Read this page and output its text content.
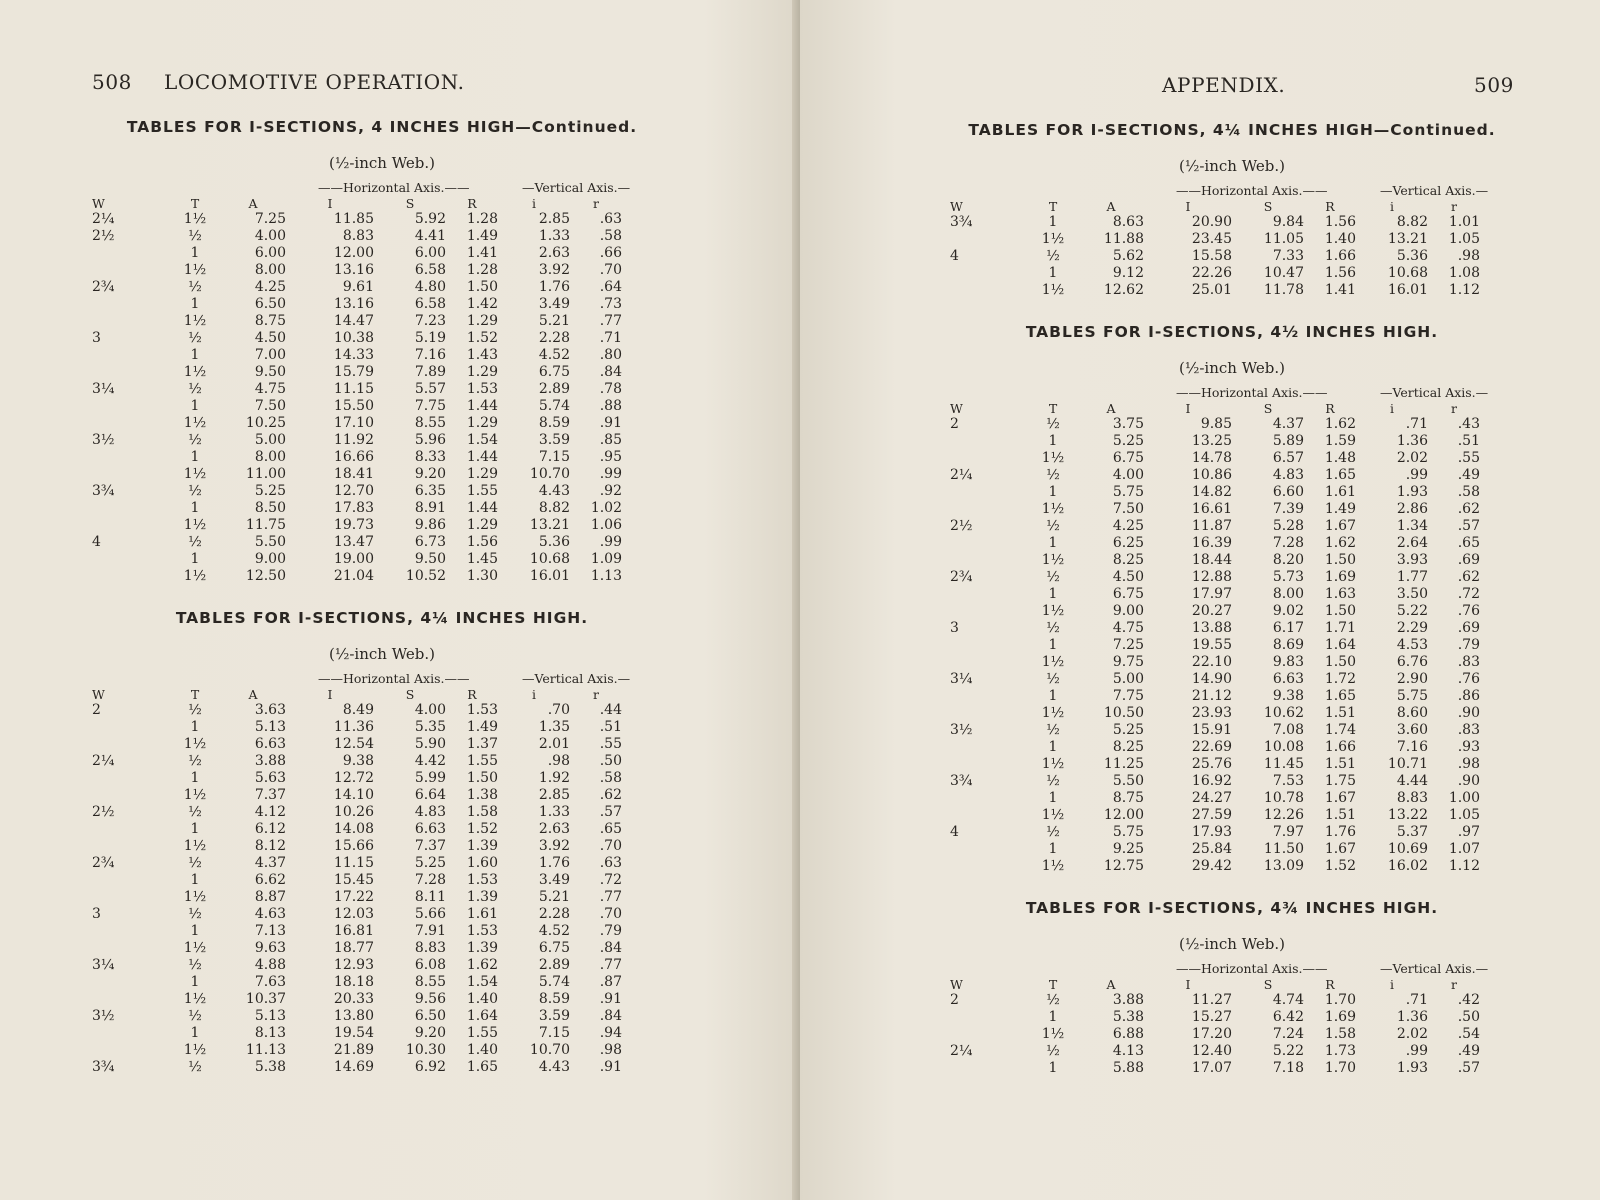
508 LOCOMOTIVE OPERATION.
TABLES FOR I-SECTIONS, 4 INCHES HIGH—Continued.
(½-inch Web.)
——Horizontal Axis.——	—Vertical Axis.—
W	T	A	I	S	R	i	r
2¼	1½	7.25	11.85	5.92	1.28	2.85	.63
2½	½	4.00	8.83	4.41	1.49	1.33	.58
	1	6.00	12.00	6.00	1.41	2.63	.66
	1½	8.00	13.16	6.58	1.28	3.92	.70
2¾	½	4.25	9.61	4.80	1.50	1.76	.64
	1	6.50	13.16	6.58	1.42	3.49	.73
	1½	8.75	14.47	7.23	1.29	5.21	.77
3	½	4.50	10.38	5.19	1.52	2.28	.71
	1	7.00	14.33	7.16	1.43	4.52	.80
	1½	9.50	15.79	7.89	1.29	6.75	.84
3¼	½	4.75	11.15	5.57	1.53	2.89	.78
	1	7.50	15.50	7.75	1.44	5.74	.88
	1½	10.25	17.10	8.55	1.29	8.59	.91
3½	½	5.00	11.92	5.96	1.54	3.59	.85
	1	8.00	16.66	8.33	1.44	7.15	.95
	1½	11.00	18.41	9.20	1.29	10.70	.99
3¾	½	5.25	12.70	6.35	1.55	4.43	.92
	1	8.50	17.83	8.91	1.44	8.82	1.02
	1½	11.75	19.73	9.86	1.29	13.21	1.06
4	½	5.50	13.47	6.73	1.56	5.36	.99
	1	9.00	19.00	9.50	1.45	10.68	1.09
	1½	12.50	21.04	10.52	1.30	16.01	1.13
TABLES FOR I-SECTIONS, 4¼ INCHES HIGH.
(½-inch Web.)
——Horizontal Axis.——	—Vertical Axis.—
W	T	A	I	S	R	i	r
2	½	3.63	8.49	4.00	1.53	.70	.44
	1	5.13	11.36	5.35	1.49	1.35	.51
	1½	6.63	12.54	5.90	1.37	2.01	.55
2¼	½	3.88	9.38	4.42	1.55	.98	.50
	1	5.63	12.72	5.99	1.50	1.92	.58
	1½	7.37	14.10	6.64	1.38	2.85	.62
2½	½	4.12	10.26	4.83	1.58	1.33	.57
	1	6.12	14.08	6.63	1.52	2.63	.65
	1½	8.12	15.66	7.37	1.39	3.92	.70
2¾	½	4.37	11.15	5.25	1.60	1.76	.63
	1	6.62	15.45	7.28	1.53	3.49	.72
	1½	8.87	17.22	8.11	1.39	5.21	.77
3	½	4.63	12.03	5.66	1.61	2.28	.70
	1	7.13	16.81	7.91	1.53	4.52	.79
	1½	9.63	18.77	8.83	1.39	6.75	.84
3¼	½	4.88	12.93	6.08	1.62	2.89	.77
	1	7.63	18.18	8.55	1.54	5.74	.87
	1½	10.37	20.33	9.56	1.40	8.59	.91
3½	½	5.13	13.80	6.50	1.64	3.59	.84
	1	8.13	19.54	9.20	1.55	7.15	.94
	1½	11.13	21.89	10.30	1.40	10.70	.98
3¾	½	5.38	14.69	6.92	1.65	4.43	.91
APPENDIX.	509
TABLES FOR I-SECTIONS, 4¼ INCHES HIGH—Continued.
(½-inch Web.)
——Horizontal Axis.——	—Vertical Axis.—
W	T	A	I	S	R	i	r
3¾	1	8.63	20.90	9.84	1.56	8.82	1.01
	1½	11.88	23.45	11.05	1.40	13.21	1.05
4	½	5.62	15.58	7.33	1.66	5.36	.98
	1	9.12	22.26	10.47	1.56	10.68	1.08
	1½	12.62	25.01	11.78	1.41	16.01	1.12
TABLES FOR I-SECTIONS, 4½ INCHES HIGH.
(½-inch Web.)
——Horizontal Axis.——	—Vertical Axis.—
W	T	A	I	S	R	i	r
2	½	3.75	9.85	4.37	1.62	.71	.43
	1	5.25	13.25	5.89	1.59	1.36	.51
	1½	6.75	14.78	6.57	1.48	2.02	.55
2¼	½	4.00	10.86	4.83	1.65	.99	.49
	1	5.75	14.82	6.60	1.61	1.93	.58
	1½	7.50	16.61	7.39	1.49	2.86	.62
2½	½	4.25	11.87	5.28	1.67	1.34	.57
	1	6.25	16.39	7.28	1.62	2.64	.65
	1½	8.25	18.44	8.20	1.50	3.93	.69
2¾	½	4.50	12.88	5.73	1.69	1.77	.62
	1	6.75	17.97	8.00	1.63	3.50	.72
	1½	9.00	20.27	9.02	1.50	5.22	.76
3	½	4.75	13.88	6.17	1.71	2.29	.69
	1	7.25	19.55	8.69	1.64	4.53	.79
	1½	9.75	22.10	9.83	1.50	6.76	.83
3¼	½	5.00	14.90	6.63	1.72	2.90	.76
	1	7.75	21.12	9.38	1.65	5.75	.86
	1½	10.50	23.93	10.62	1.51	8.60	.90
3½	½	5.25	15.91	7.08	1.74	3.60	.83
	1	8.25	22.69	10.08	1.66	7.16	.93
	1½	11.25	25.76	11.45	1.51	10.71	.98
3¾	½	5.50	16.92	7.53	1.75	4.44	.90
	1	8.75	24.27	10.78	1.67	8.83	1.00
	1½	12.00	27.59	12.26	1.51	13.22	1.05
4	½	5.75	17.93	7.97	1.76	5.37	.97
	1	9.25	25.84	11.50	1.67	10.69	1.07
	1½	12.75	29.42	13.09	1.52	16.02	1.12
TABLES FOR I-SECTIONS, 4¾ INCHES HIGH.
(½-inch Web.)
——Horizontal Axis.——	—Vertical Axis.—
W	T	A	I	S	R	i	r
2	½	3.88	11.27	4.74	1.70	.71	.42
	1	5.38	15.27	6.42	1.69	1.36	.50
	1½	6.88	17.20	7.24	1.58	2.02	.54
2¼	½	4.13	12.40	5.22	1.73	.99	.49
	1	5.88	17.07	7.18	1.70	1.93	.57
